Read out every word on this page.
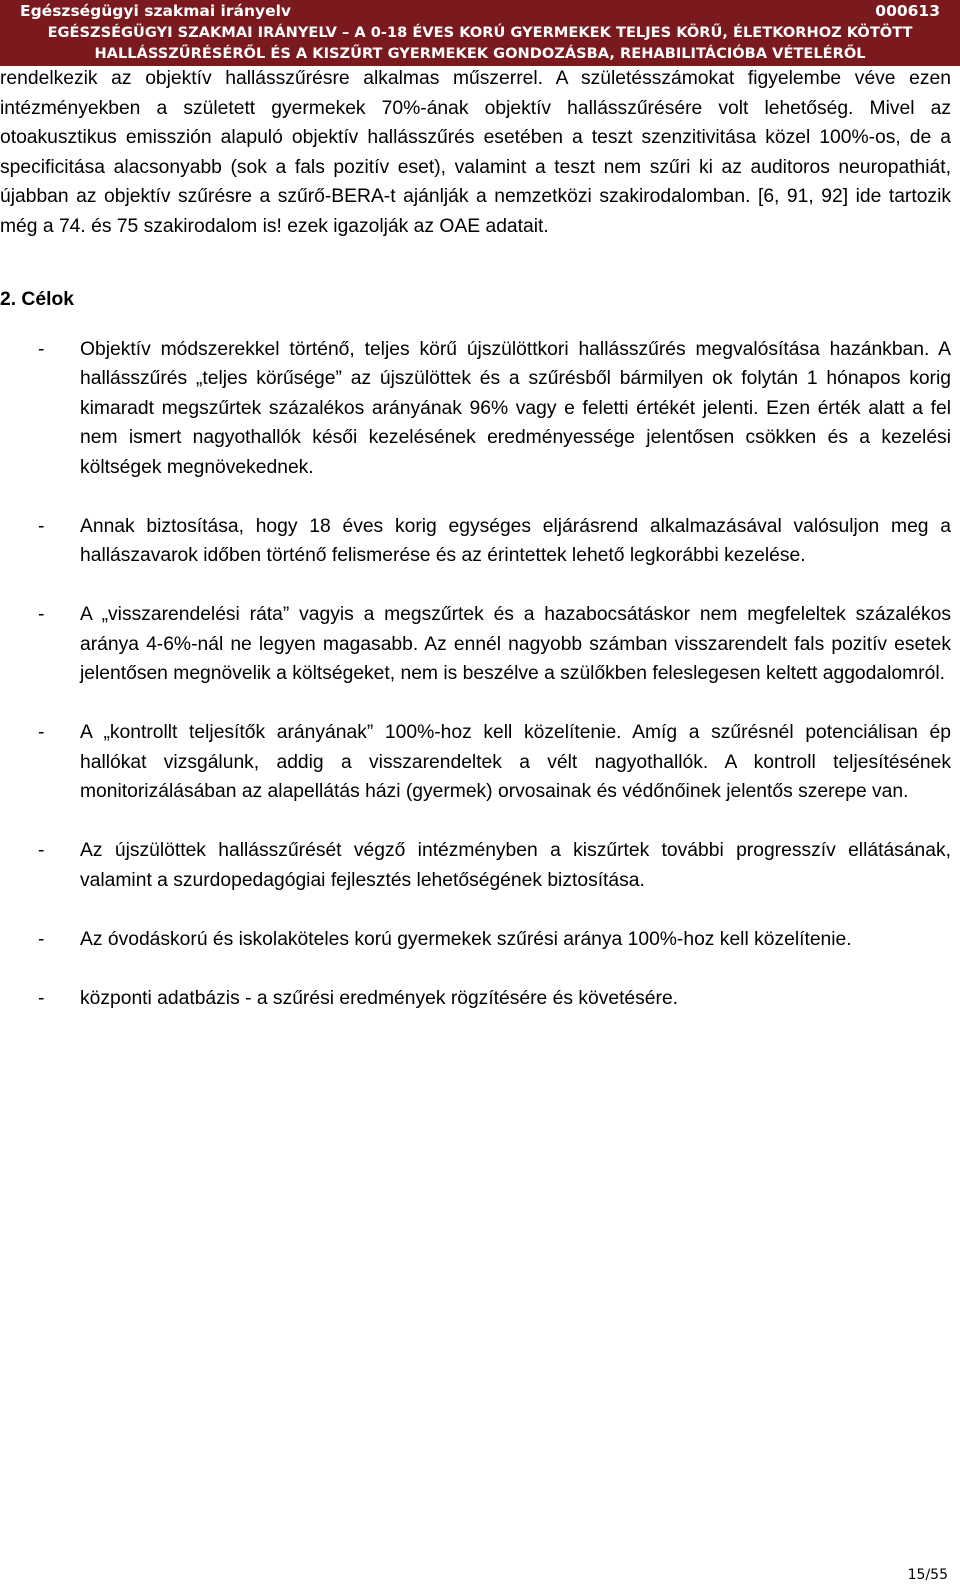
Egészségügyi szakmai irányelv	000613
EGÉSZSÉGÜGYI SZAKMAI IRÁNYELV – A 0-18 ÉVES KORÚ GYERMEKEK TELJES KÖRŰ, ÉLETKORHOZ KÖTÖTT
HALLÁSSZŰRÉSÉRŐL ÉS A KISZŰRT GYERMEKEK GONDOZÁSBA, REHABILITÁCIÓBA VÉTELÉRŐL

rendelkezik az objektív hallásszűrésre alkalmas műszerrel. A születésszámokat figyelembe véve ezen intézményekben a született gyermekek 70%-ának objektív hallásszűrésére volt lehetőség. Mivel az otoakusztikus emisszión alapuló objektív hallásszűrés esetében a teszt szenzitivitása közel 100%-os, de a specificitása alacsonyabb (sok a fals pozitív eset), valamint a teszt nem szűri ki az auditoros neuropathiát, újabban az objektív szűrésre a szűrő-BERA-t ajánlják a nemzetközi szakirodalomban. [6, 91, 92] ide tartozik még a 74. és 75 szakirodalom is! ezek igazolják az OAE adatait.

2. Célok
- Objektív módszerekkel történő, teljes körű újszülöttkori hallásszűrés megvalósítása hazánkban. A hallásszűrés „teljes körűsége” az újszülöttek és a szűrésből bármilyen ok folytán 1 hónapos korig kimaradt megszűrtek százalékos arányának 96% vagy e feletti értékét jelenti. Ezen érték alatt a fel nem ismert nagyothallók késői kezelésének eredményessége jelentősen csökken és a kezelési költségek megnövekednek.
- Annak biztosítása, hogy 18 éves korig egységes eljárásrend alkalmazásával valósuljon meg a hallászavarok időben történő felismerése és az érintettek lehető legkorábbi kezelése.
- A „visszarendelési ráta” vagyis a megszűrtek és a hazabocsátáskor nem megfeleltek százalékos aránya 4-6%-nál ne legyen magasabb. Az ennél nagyobb számban visszarendelt fals pozitív esetek jelentősen megnövelik a költségeket, nem is beszélve a szülőkben feleslegesen keltett aggodalomról.
- A „kontrollt teljesítők arányának” 100%-hoz kell közelítenie. Amíg a szűrésnél potenciálisan ép hallókat vizsgálunk, addig a visszarendeltek a vélt nagyothallók. A kontroll teljesítésének monitorizálásában az alapellátás házi (gyermek) orvosainak és védőnőinek jelentős szerepe van.
- Az újszülöttek hallásszűrését végző intézményben a kiszűrtek további progresszív ellátásának, valamint a szurdopedagógiai fejlesztés lehetőségének biztosítása.
- Az óvodáskorú és iskolaköteles korú gyermekek szűrési aránya 100%-hoz kell közelítenie.
- központi adatbázis - a szűrési eredmények rögzítésére és követésére.
15/55
